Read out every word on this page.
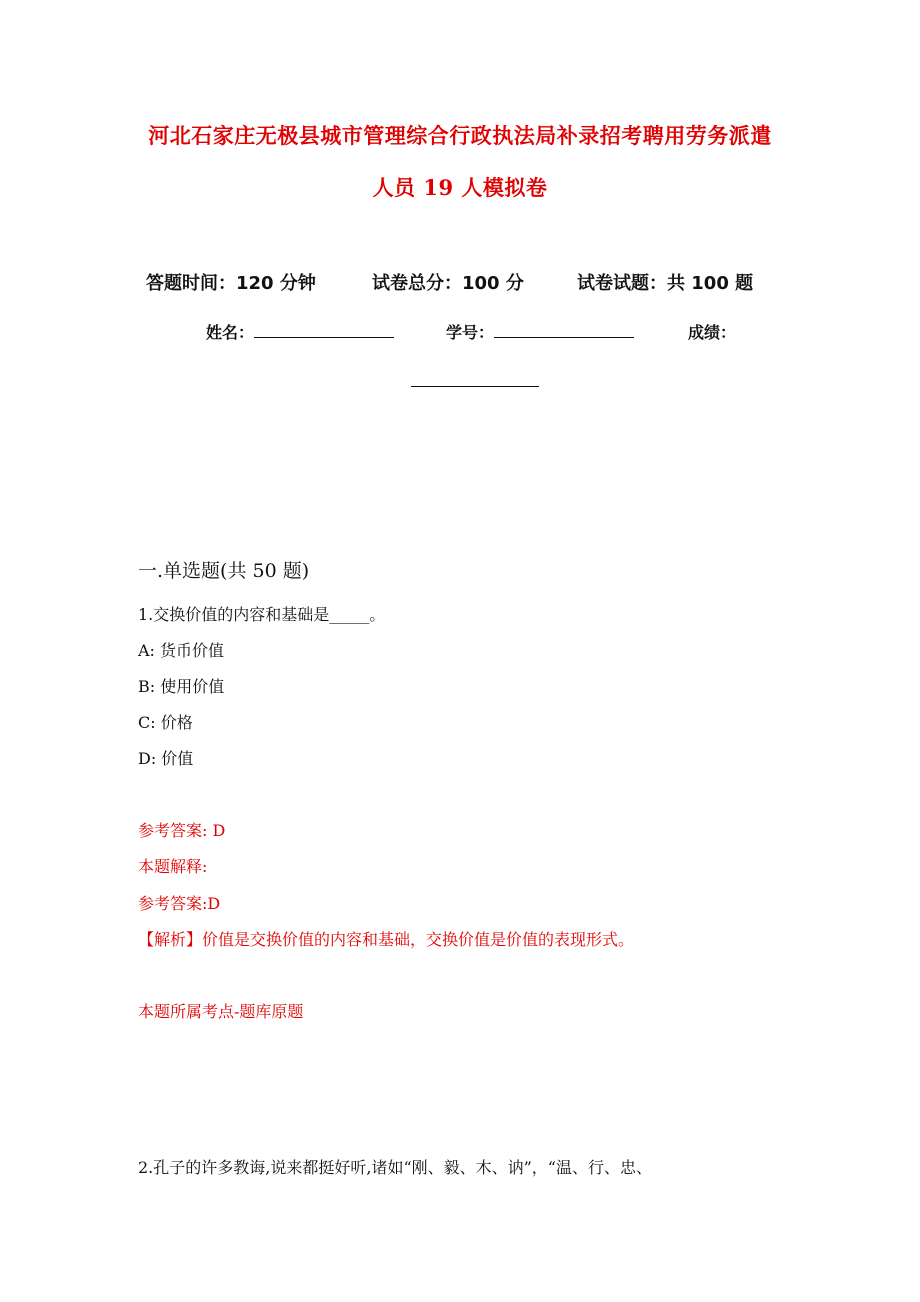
河北石家庄无极县城市管理综合行政执法局补录招考聘用劳务派遣
人员 19 人模拟卷
答题时间：120 分钟	试卷总分：100 分	试卷试题：共 100 题
姓名：	学号：	成绩：
一.单选题(共 50 题)
1.交换价值的内容和基础是_____。
A: 货币价值
B: 使用价值
C: 价格
D: 价值
参考答案: D
本题解释:
参考答案:D
【解析】价值是交换价值的内容和基础，交换价值是价值的表现形式。
本题所属考点-题库原题
2.孔子的许多教诲,说来都挺好听,诸如“刚、毅、木、讷”，“温、行、忠、
